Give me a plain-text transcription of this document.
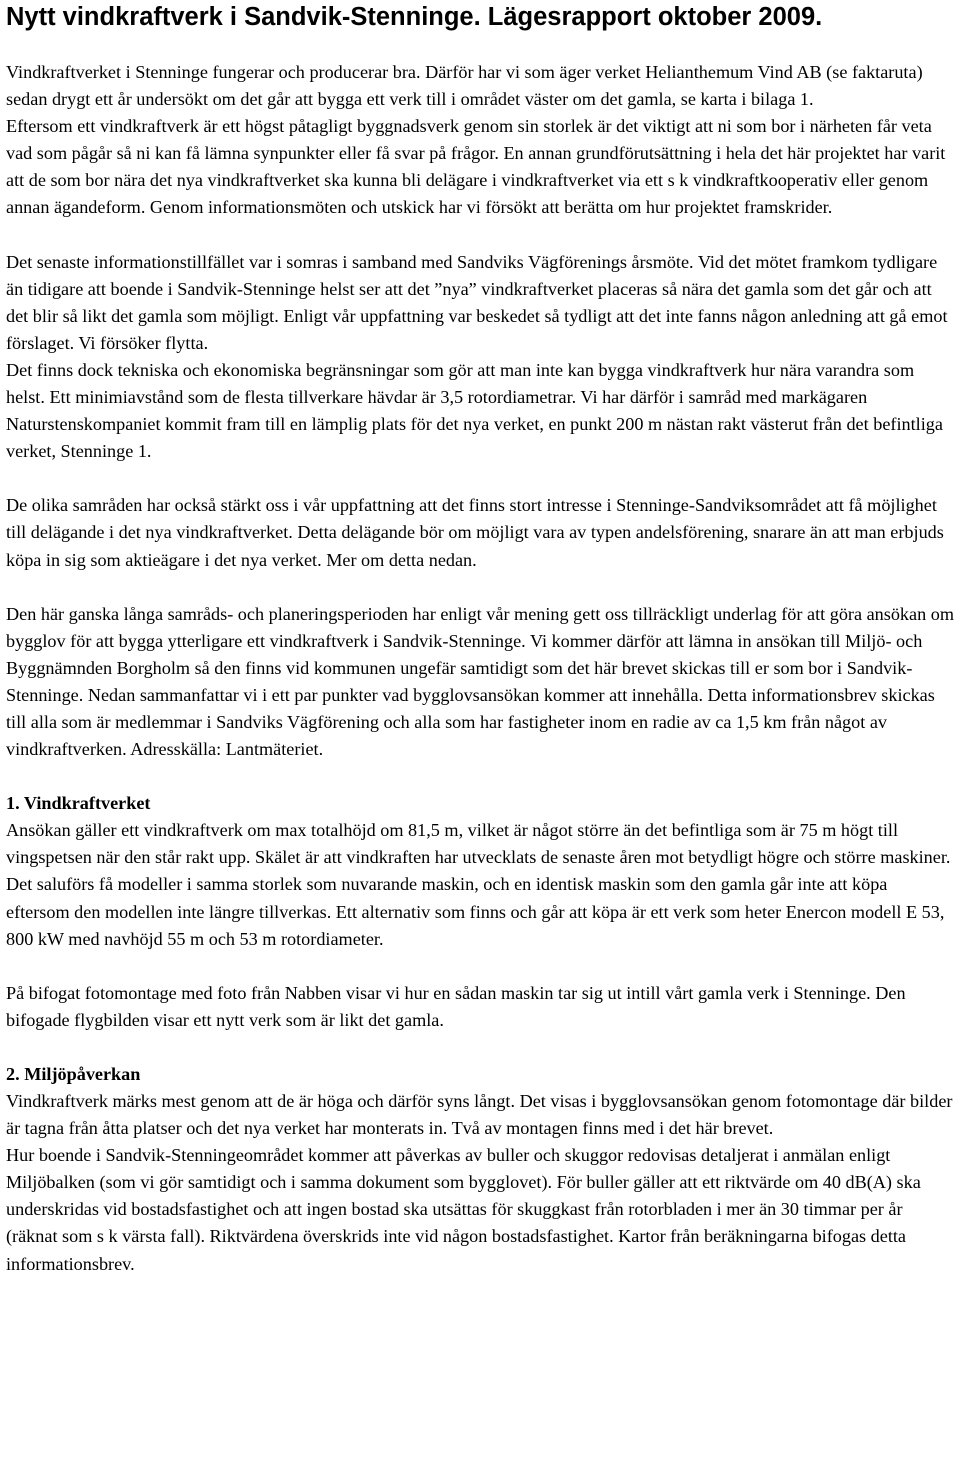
Nytt vindkraftverk i Sandvik-Stenninge. Lägesrapport oktober 2009.

Vindkraftverket i Stenninge fungerar och producerar bra. Därför har vi som äger verket Helianthemum Vind AB (se faktaruta) sedan drygt ett år undersökt om det går att bygga ett verk till i området väster om det gamla, se karta i bilaga 1.

Eftersom ett vindkraftverk är ett högst påtagligt byggnadsverk genom sin storlek är det viktigt att ni som bor i närheten får veta vad som pågår så ni kan få lämna synpunkter eller få svar på frågor. En annan grundförutsättning i hela det här projektet har varit att de som bor nära det nya vindkraftverket ska kunna bli delägare i vindkraftverket via ett s k vindkraftkooperativ eller genom annan ägandeform. Genom informationsmöten och utskick har vi försökt att berätta om hur projektet framskrider.

Det senaste informationstillfället var i somras i samband med Sandviks Vägförenings årsmöte. Vid det mötet framkom tydligare än tidigare att boende i Sandvik-Stenninge helst ser att det ”nya” vindkraftverket placeras så nära det gamla som det går och att det blir så likt det gamla som möjligt. Enligt vår uppfattning var beskedet så tydligt att det inte fanns någon anledning att gå emot förslaget. Vi försöker flytta.

Det finns dock tekniska och ekonomiska begränsningar som gör att man inte kan bygga vindkraftverk hur nära varandra som helst. Ett minimiavstånd som de flesta tillverkare hävdar är 3,5 rotordiametrar. Vi har därför i samråd med markägaren Naturstenskompaniet kommit fram till en lämplig plats för det nya verket, en punkt 200 m nästan rakt västerut från det befintliga verket, Stenninge 1.

De olika samråden har också stärkt oss i vår uppfattning att det finns stort intresse i Stenninge-Sandviksområdet att få möjlighet till delägande i det nya vindkraftverket. Detta delägande bör om möjligt vara av typen andelsförening, snarare än att man erbjuds köpa in sig som aktieägare i det nya verket. Mer om detta nedan.

Den här ganska långa samråds- och planeringsperioden har enligt vår mening gett oss tillräckligt underlag för att göra ansökan om bygglov för att bygga ytterligare ett vindkraftverk i Sandvik-Stenninge. Vi kommer därför att lämna in ansökan till Miljö- och Byggnämnden Borgholm så den finns vid kommunen ungefär samtidigt som det här brevet skickas till er som bor i Sandvik-Stenninge. Nedan sammanfattar vi i ett par punkter vad bygglovsansökan kommer att innehålla. Detta informationsbrev skickas till alla som är medlemmar i Sandviks Vägförening och alla som har fastigheter inom en radie av ca 1,5 km från något av vindkraftverken. Adresskälla: Lantmäteriet.

1. Vindkraftverket

Ansökan gäller ett vindkraftverk om max totalhöjd om 81,5 m, vilket är något större än det befintliga som är 75 m högt till vingspetsen när den står rakt upp. Skälet är att vindkraften har utvecklats de senaste åren mot betydligt högre och större maskiner. Det saluförs få modeller i samma storlek som nuvarande maskin, och en identisk maskin som den gamla går inte att köpa eftersom den modellen inte längre tillverkas. Ett alternativ som finns och går att köpa är ett verk som heter Enercon modell E 53, 800 kW med navhöjd 55 m och 53 m rotordiameter.

På bifogat fotomontage med foto från Nabben visar vi hur en sådan maskin tar sig ut intill vårt gamla verk i Stenninge. Den bifogade flygbilden visar ett nytt verk som är likt det gamla.

2. Miljöpåverkan

Vindkraftverk märks mest genom att de är höga och därför syns långt. Det visas i bygglovsansökan genom fotomontage där bilder är tagna från åtta platser och det nya verket har monterats in. Två av montagen finns med i det här brevet.

Hur boende i Sandvik-Stenningeområdet kommer att påverkas av buller och skuggor redovisas detaljerat i anmälan enligt Miljöbalken (som vi gör samtidigt och i samma dokument som bygglovet). För buller gäller att ett riktvärde om 40 dB(A) ska underskridas vid bostadsfastighet och att ingen bostad ska utsättas för skuggkast från rotorbladen i mer än 30 timmar per år (räknat som s k värsta fall). Riktvärdena överskrids inte vid någon bostadsfastighet. Kartor från beräkningarna bifogas detta informationsbrev.
